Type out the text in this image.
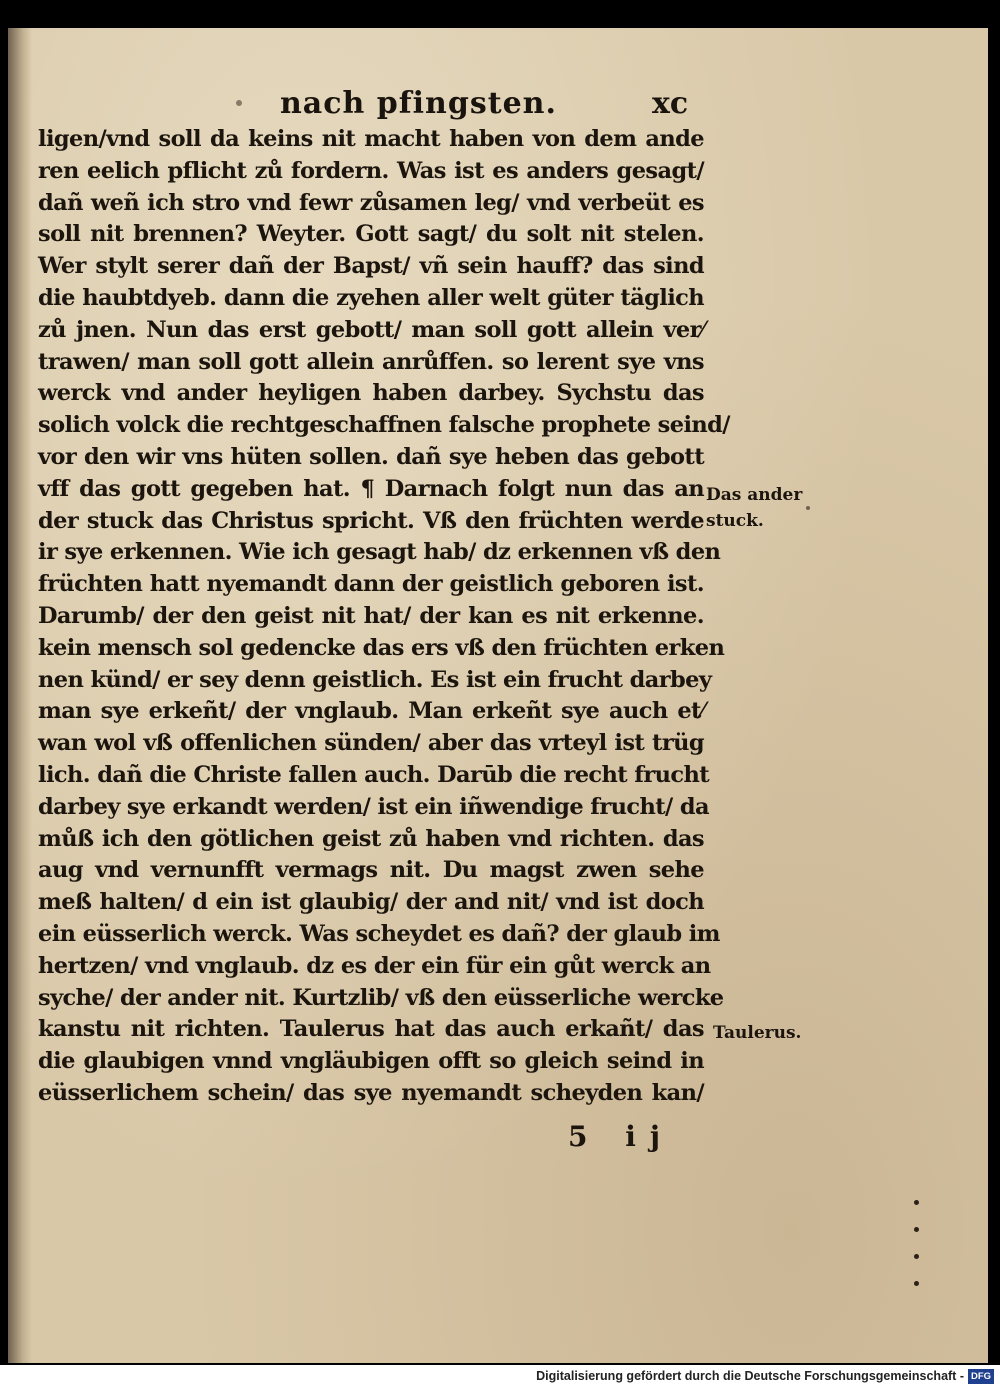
nach pfingsten.	xc
ligen/vnd soll da keins nit macht haben von dem ande
ren eelich pflicht zů fordern. Was ist es anders gesagt/
dañ weñ ich stro vnd fewr zůsamen leg/ vnd verbeüt es
soll nit brennen? Weyter. Gott sagt/ du solt nit stelen.
Wer stylt serer dañ der Bapst/ vñ sein hauff? das sind
die haubtdyeb. dann die zyehen aller welt güter täglich
zů jnen. Nun das erst gebott/ man soll gott allein ver⁄
trawen/ man soll gott allein anrůffen. so lerent sye vns
werck vnd ander heyligen haben darbey. Sychstu das
solich volck die rechtgeschaffnen falsche prophete seind/
vor den wir vns hüten sollen. dañ sye heben das gebott
vff das gott gegeben hat. ¶ Darnach folgt nun das an
der stuck das Christus spricht. Vß den früchten werde
ir sye erkennen. Wie ich gesagt hab/ dz erkennen vß den
früchten hatt nyemandt dann der geistlich geboren ist.
Darumb/ der den geist nit hat/ der kan es nit erkenne.
kein mensch sol gedencke das ers vß den früchten erken
nen künd/ er sey denn geistlich. Es ist ein frucht darbey
man sye erkeñt/ der vnglaub. Man erkeñt sye auch et⁄
wan wol vß offenlichen sünden/ aber das vrteyl ist trüg
lich. dañ die Christe fallen auch. Darūb die recht frucht
darbey sye erkandt werden/ ist ein iñwendige frucht/ da
můß ich den götlichen geist zů haben vnd richten. das
aug vnd vernunfft vermags nit. Du magst zwen sehe
meß halten/ d ein ist glaubig/ der and nit/ vnd ist doch
ein eüsserlich werck. Was scheydet es dañ? der glaub im
hertzen/ vnd vnglaub. dz es der ein für ein gůt werck an
syche/ der ander nit. Kurtzlib/ vß den eüsserliche wercke
kanstu nit richten. Taulerus hat das auch erkañt/ das
die glaubigen vnnd vngläubigen offt so gleich seind in
eüsserlichem schein/ das sye nyemandt scheyden kan/
Das ander stuck.
Taulerus.
5 ij
Digitalisierung gefördert durch die Deutsche Forschungsgemeinschaft - DFG
